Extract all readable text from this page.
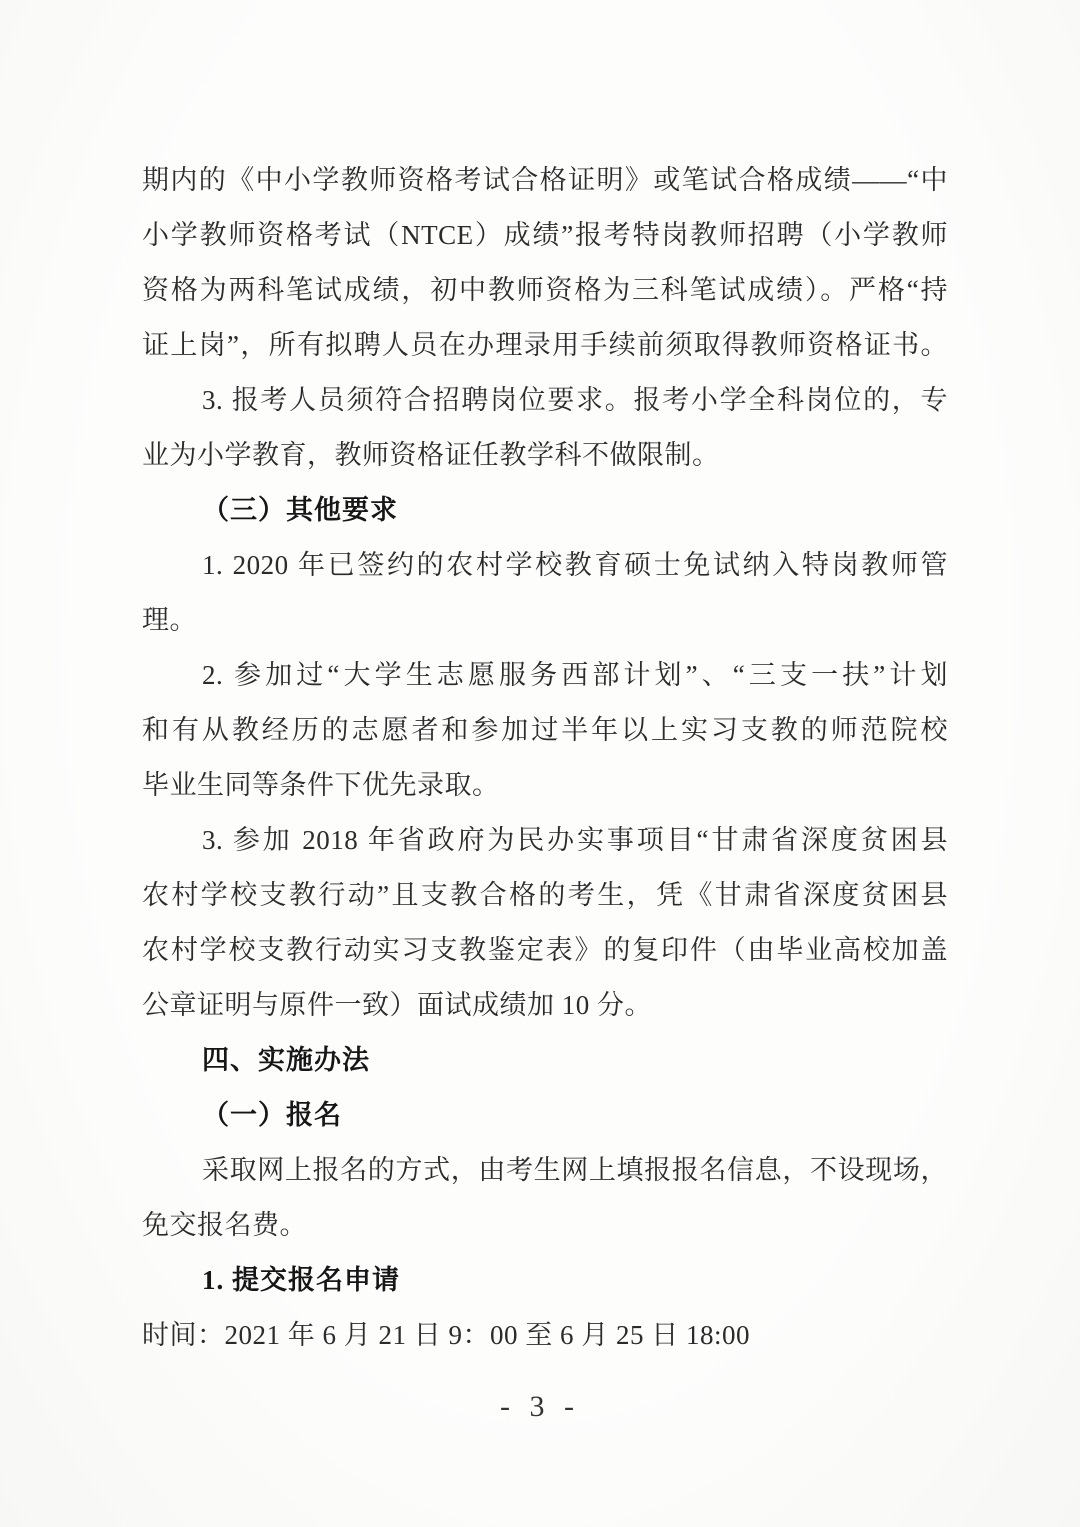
期内的《中小学教师资格考试合格证明》或笔试合格成绩——“中
小学教师资格考试（NTCE）成绩”报考特岗教师招聘（小学教师
资格为两科笔试成绩，初中教师资格为三科笔试成绩）。严格“持
证上岗”，所有拟聘人员在办理录用手续前须取得教师资格证书。
3. 报考人员须符合招聘岗位要求。报考小学全科岗位的，专
业为小学教育，教师资格证任教学科不做限制。
（三）其他要求
1. 2020 年已签约的农村学校教育硕士免试纳入特岗教师管
理。
2. 参加过“大学生志愿服务西部计划”、“三支一扶”计划
和有从教经历的志愿者和参加过半年以上实习支教的师范院校
毕业生同等条件下优先录取。
3. 参加 2018 年省政府为民办实事项目“甘肃省深度贫困县
农村学校支教行动”且支教合格的考生，凭《甘肃省深度贫困县
农村学校支教行动实习支教鉴定表》的复印件（由毕业高校加盖
公章证明与原件一致）面试成绩加 10 分。
四、实施办法
（一）报名
采取网上报名的方式，由考生网上填报报名信息，不设现场，
免交报名费。
1. 提交报名申请
时间：2021 年 6 月 21 日 9：00 至 6 月 25 日 18:00
- 3 -
